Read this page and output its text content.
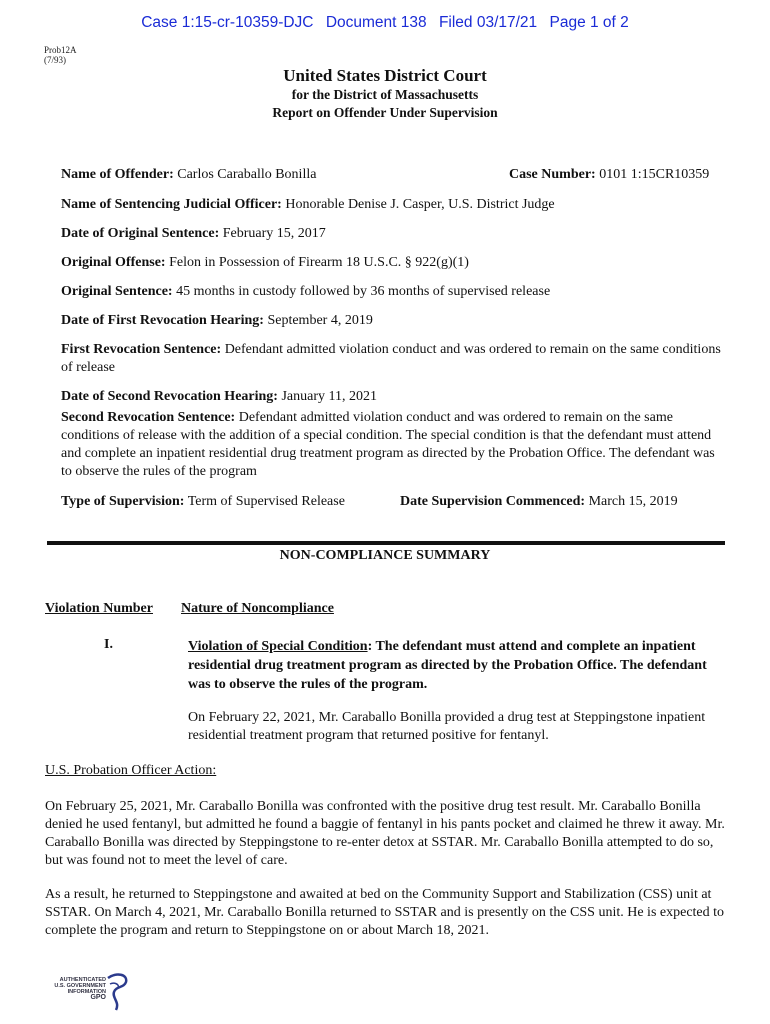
Case 1:15-cr-10359-DJC Document 138 Filed 03/17/21 Page 1 of 2
Prob12A
(7/93)
United States District Court
for the District of Massachusetts
Report on Offender Under Supervision
Name of Offender: Carlos Caraballo Bonilla	Case Number: 0101 1:15CR10359
Name of Sentencing Judicial Officer: Honorable Denise J. Casper, U.S. District Judge
Date of Original Sentence: February 15, 2017
Original Offense: Felon in Possession of Firearm 18 U.S.C. § 922(g)(1)
Original Sentence: 45 months in custody followed by 36 months of supervised release
Date of First Revocation Hearing: September 4, 2019
First Revocation Sentence: Defendant admitted violation conduct and was ordered to remain on the same conditions of release
Date of Second Revocation Hearing: January 11, 2021
Second Revocation Sentence: Defendant admitted violation conduct and was ordered to remain on the same conditions of release with the addition of a special condition. The special condition is that the defendant must attend and complete an inpatient residential drug treatment program as directed by the Probation Office. The defendant was to observe the rules of the program
Type of Supervision: Term of Supervised Release	Date Supervision Commenced: March 15, 2019
NON-COMPLIANCE SUMMARY
Violation Number Nature of Noncompliance
I.	Violation of Special Condition: The defendant must attend and complete an inpatient residential drug treatment program as directed by the Probation Office. The defendant was to observe the rules of the program.
On February 22, 2021, Mr. Caraballo Bonilla provided a drug test at Steppingstone inpatient residential treatment program that returned positive for fentanyl.
U.S. Probation Officer Action:
On February 25, 2021, Mr. Caraballo Bonilla was confronted with the positive drug test result. Mr. Caraballo Bonilla denied he used fentanyl, but admitted he found a baggie of fentanyl in his pants pocket and claimed he threw it away. Mr. Caraballo Bonilla was directed by Steppingstone to re-enter detox at SSTAR. Mr. Caraballo Bonilla attempted to do so, but was found not to meet the level of care.
As a result, he returned to Steppingstone and awaited at bed on the Community Support and Stabilization (CSS) unit at SSTAR. On March 4, 2021, Mr. Caraballo Bonilla returned to SSTAR and is presently on the CSS unit. He is expected to complete the program and return to Steppingstone on or about March 18, 2021.
AUTHENTICATED
U.S. GOVERNMENT
INFORMATION
GPO
